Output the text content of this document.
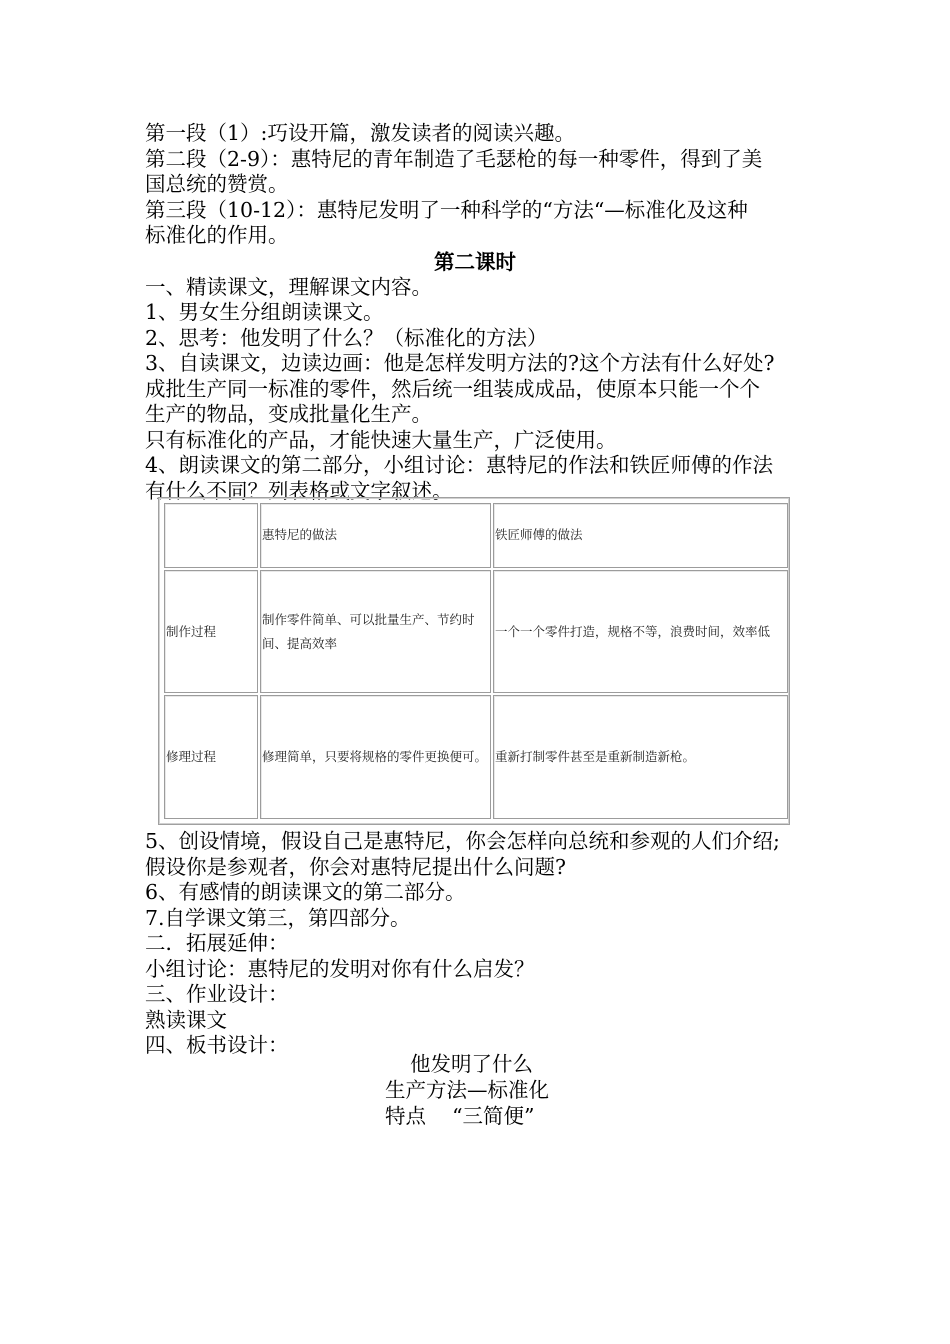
第一段（1）:巧设开篇，激发读者的阅读兴趣。
第二段（2-9）：惠特尼的青年制造了毛瑟枪的每一种零件，得到了美
国总统的赞赏。
第三段（10-12）：惠特尼发明了一种科学的“方法“—标准化及这种
标准化的作用。
第二课时
一、精读课文，理解课文内容。
1、男女生分组朗读课文。
2、思考：他发明了什么？（标准化的方法）
3、自读课文，边读边画：他是怎样发明方法的?这个方法有什么好处?
成批生产同一标准的零件，然后统一组装成成品，使原本只能一个个
生产的物品，变成批量化生产。
只有标准化的产品，才能快速大量生产，广泛使用。
4、朗读课文的第二部分，小组讨论：惠特尼的作法和铁匠师傅的作法
有什么不同？列表格或文字叙述。
	惠特尼的做法	铁匠师傅的做法
制作过程	制作零件简单、可以批量生产、节约时间、提高效率	一个一个零件打造，规格不等，浪费时间，效率低
修理过程	修理简单，只要将规格的零件更换便可。	重新打制零件甚至是重新制造新枪。
5、创设情境，假设自己是惠特尼，你会怎样向总统和参观的人们介绍;
假设你是参观者，你会对惠特尼提出什么问题?
6、有感情的朗读课文的第二部分。
7.自学课文第三，第四部分。
二．拓展延伸：
小组讨论：惠特尼的发明对你有什么启发？
三、作业设计：
熟读课文
四、板书设计：
他发明了什么
生产方法—标准化
特点 “三简便”
